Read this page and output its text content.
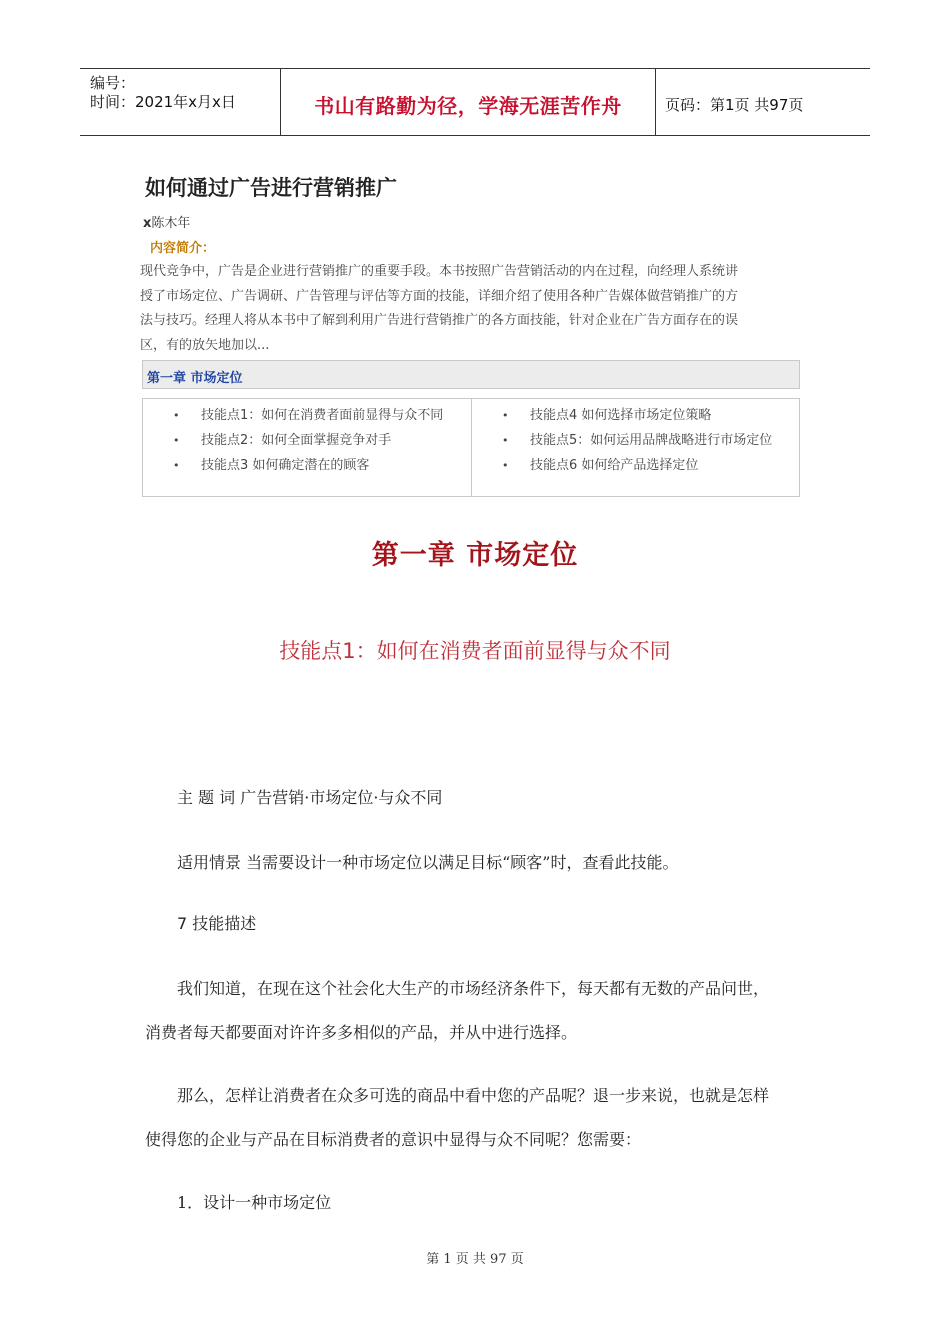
编号：
时间：2021年x月x日	书山有路勤为径，学海无涯苦作舟	页码：第1页 共97页
如何通过广告进行营销推广
x陈木年
内容简介：
现代竞争中，广告是企业进行营销推广的重要手段。本书按照广告营销活动的内在过程，向经理人系统讲
授了市场定位、广告调研、广告管理与评估等方面的技能，详细介绍了使用各种广告媒体做营销推广的方
法与技巧。经理人将从本书中了解到利用广告进行营销推广的各方面技能，针对企业在广告方面存在的误
区，有的放矢地加以...
第一章 市场定位
• 技能点1：如何在消费者面前显得与众不同
• 技能点2：如何全面掌握竞争对手
• 技能点3 如何确定潜在的顾客
• 技能点4 如何选择市场定位策略
• 技能点5：如何运用品牌战略进行市场定位
• 技能点6 如何给产品选择定位
第一章 市场定位
技能点1：如何在消费者面前显得与众不同
主 题 词 广告营销·市场定位·与众不同
适用情景 当需要设计一种市场定位以满足目标“顾客”时，查看此技能。
7 技能描述
我们知道，在现在这个社会化大生产的市场经济条件下，每天都有无数的产品问世，
消费者每天都要面对许许多多相似的产品，并从中进行选择。
那么，怎样让消费者在众多可选的商品中看中您的产品呢？退一步来说，也就是怎样
使得您的企业与产品在目标消费者的意识中显得与众不同呢？您需要：
1．设计一种市场定位
第 1 页 共 97 页
